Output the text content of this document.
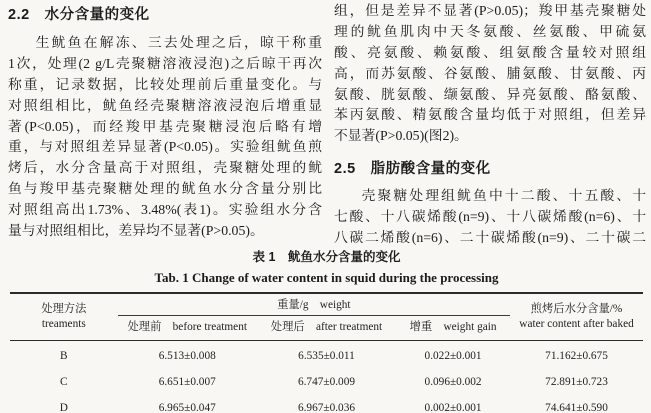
2.2　水分含量的变化
生鱿鱼在解冻、三去处理之后，晾干称重
1次，处理(2 g/L壳聚糖溶液浸泡)之后晾干再次
称重，记录数据，比较处理前后重量变化。与
对照组相比，鱿鱼经壳聚糖溶液浸泡后增重显
著(P<0.05)，而经羧甲基壳聚糖浸泡后略有增
重，与对照组差异显著(P<0.05)。实验组鱿鱼煎
烤后，水分含量高于对照组，壳聚糖处理的鱿
鱼与羧甲基壳聚糖处理的鱿鱼水分含量分别比
对照组高出1.73%、3.48%(表1)。实验组水分含
量与对照组相比，差异均不显著(P>0.05)。
组，但是差异不显著(P>0.05)；羧甲基壳聚糖处
理的鱿鱼肌肉中天冬氨酸、丝氨酸、甲硫氨
酸、亮氨酸、赖氨酸、组氨酸含量较对照组
高，而苏氨酸、谷氨酸、脯氨酸、甘氨酸、丙
氨酸、胱氨酸、缬氨酸、异亮氨酸、酪氨酸、
苯丙氨酸、精氨酸含量均低于对照组，但差异
不显著(P>0.05)(图2)。
2.5　脂肪酸含量的变化
壳聚糖处理组鱿鱼中十二酸、十五酸、十
七酸、十八碳烯酸(n=9)、十八碳烯酸(n=6)、十
八碳二烯酸(n=6)、二十碳烯酸(n=9)、二十碳二
表 1　鱿鱼水分含量的变化
Tab. 1 Change of water content in squid during the processing
处理方法
treaments
	重量/g　weight	煎烤后水分含量/%
water content after baked

	处理前　before treatment	处理后　after treatment	增重　weight gain	
B	6.513±0.008	6.535±0.011	0.022±0.001	71.162±0.675
C	6.651±0.007	6.747±0.009	0.096±0.002	72.891±0.723
D	6.965±0.047	6.967±0.036	0.002±0.001	74.641±0.590
